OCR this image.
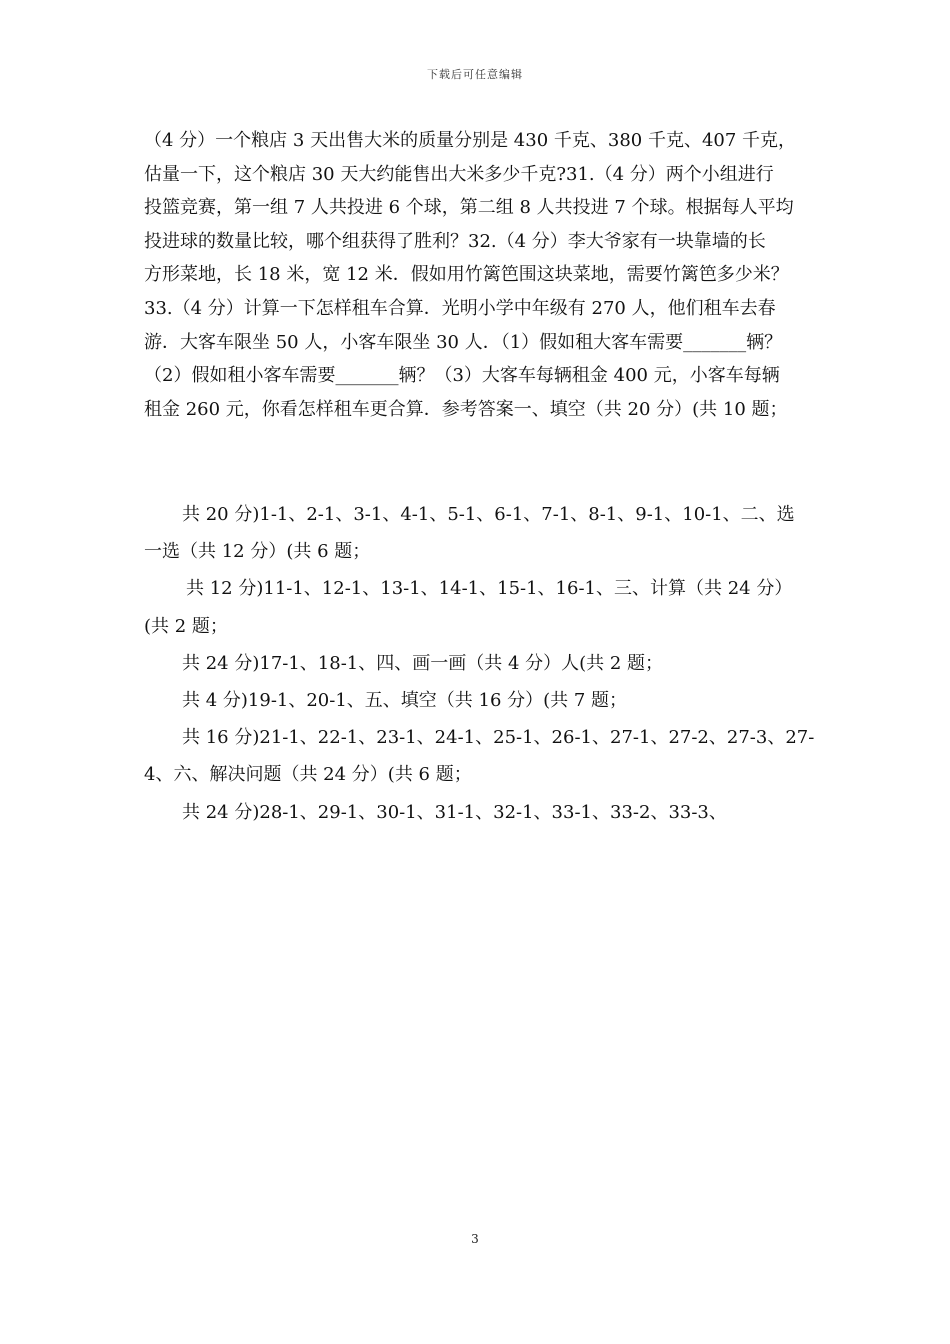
下载后可任意编辑
（4 分）一个粮店 3 天出售大米的质量分别是 430 千克、380 千克、407 千克，
估量一下，这个粮店 30 天大约能售出大米多少千克?31.（4 分）两个小组进行
投篮竞赛，第一组 7 人共投进 6 个球，第二组 8 人共投进 7 个球。根据每人平均
投进球的数量比较，哪个组获得了胜利？32.（4 分）李大爷家有一块靠墙的长
方形菜地，长 18 米，宽 12 米．假如用竹篱笆围这块菜地，需要竹篱笆多少米？
33.（4 分）计算一下怎样租车合算．光明小学中年级有 270 人，他们租车去春
游．大客车限坐 50 人，小客车限坐 30 人．（1）假如租大客车需要_______辆？
（2）假如租小客车需要_______辆？（3）大客车每辆租金 400 元，小客车每辆
租金 260 元，你看怎样租车更合算．参考答案一、填空（共 20 分）(共 10 题；
共 20 分)1-1、2-1、3-1、4-1、5-1、6-1、7-1、8-1、9-1、10-1、二、选
一选（共 12 分）(共 6 题；
共 12 分)11-1、12-1、13-1、14-1、15-1、16-1、三、计算（共 24 分）
(共 2 题；
共 24 分)17-1、18-1、四、画一画（共 4 分）人(共 2 题；
共 4 分)19-1、20-1、五、填空（共 16 分）(共 7 题；
共 16 分)21-1、22-1、23-1、24-1、25-1、26-1、27-1、27-2、27-3、27-
4、六、解决问题（共 24 分）(共 6 题；
共 24 分)28-1、29-1、30-1、31-1、32-1、33-1、33-2、33-3、
3
